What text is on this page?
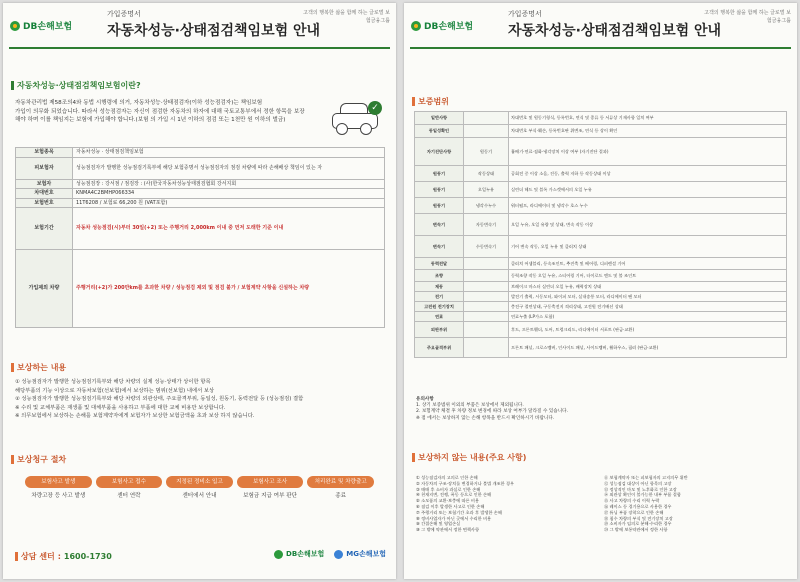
DB손해보험
가입증명서
자동차성능·상태점검책임보험 안내
고객의 행복한 삶을 함께 하는 글로벌 보험금융그룹
자동차성능·상태점검책임보험이란?
자동차관리법 제58조의4와 동법 시행령에 의거, 자동차성능·상태점검자(이하 성능점검자)는 책임보험
가입이 의무화 되었습니다. 따라서 성능점검자는 자신이 점검한 자동차의 하자에 대해 국토교통부에서 정한 항목을 보장
해야 하며 이를 책임지는 보험에 가입해야 합니다.(보험 의 가입 시 1년 이하의 점검 또는 1천만 원 이하의 벌금)
✓
보험종목	자동차성능 · 상태점검책임보험
피보험자	성능점검자가 발행한 성능점검기록부에 해당 보험증명서 성능점검자의 점검 차량에 따라 손해배상 책임이 있는 자
보험자	성능점검장 : 강서점 / 점검장 : (사)한국자동차성능상태점검협회 강서지회
차대번호	KNMA4C2BMHP066334
보험번호	11T6208 / 보험료 66,200 원 (VAT포함)
보험기간	자동차 성능점검(시)부터 30일(+2) 또는 주행거리 2,000km 이내 중 먼저 도래한 기준 이내
가입제외 차량	주행거리(+2)가 200만km를 초과한 차량 / 성능점검 제외 및 점검 불가 / 보험계약 사항을 신설하는 차량
보상하는 내용
① 성능점검자가 발행한 성능점검기록부와 해당 차량의 실제 성능·상태가 상이한 항목
해당부품의 기능 이상으로 자동차보험(선보험)에서 보상하는 범위(선보험) 내에서 보상
② 성능점검자가 발행한 성능점검기록부와 해당 차량의 외관상태, 주요골격부위, 동일성, 원동기, 동력전달 등 (성능점검) 결함
※ 수리 및 교체부품은 재생품 및 대체부품을 사용하고 부품에 대한 교체 비용만 보상합니다.
※ 의무보험에서 보상하는 손해를 보험계약자에게 보험자가 보상한 보험금액을 초과 보상 하지 않습니다.
보상청구 절차
보험사고 발생
차량고장 등 사고 발생
보험사고 접수
센터 연락
지정된 정비소 입고
센터에서 안내
보험사고 조사
보험금 지급 여부 판단
처리완료 및 차량출고
종료
상담 센터 : 1600-1730	DB손해보험	MG손해보험
DB손해보험
가입증명서
자동차성능·상태점검책임보험 안내
고객의 행복한 삶을 함께 하는 글로벌 보험금융그룹
보증범위
일반사항		차대번호 및 원동기형식, 등록번호, 연식 및 종류 등 서류상 기재사항 일치 여부
동일성확인		차대번호 부식·훼손, 등록번호판 위변조, 연식 등 상이 확인
자기진단사항	원동기	흡배기·연료·점화·냉각장치 이상 여부 (자기진단 결과)
원동기	작동상태	공회전 중 이상 소음, 진동, 출력 저하 등 작동상태 이상
원동기	오일누유	실린더 헤드 및 블록 가스켓에서의 오일 누유
원동기	냉각수누수	워터펌프, 라디에이터 및 냉각수 호스 누수
변속기	자동변속기	오일 누유, 오일 유량 및 상태, 변속 작동 이상
변속기	수동변속기	기어 변속 작동, 오일 누유 및 클러치 상태
동력전달		클러치 어셈블리, 등속조인트, 추진축 및 베어링, 디퍼렌셜 기어
조향		동력조향 작동 오일 누유, 스티어링 기어, 타이로드 엔드 및 볼 조인트
제동		브레이크 마스터 실린더 오일 누유, 배력장치 상태
전기		발전기 출력, 시동모터, 와이퍼 모터, 실내송풍 모터, 라디에이터 팬 모터
고전원 전기장치		충전구 절연상태, 구동축전지 격리상태, 고전원 전기배선 상태
연료		연료누출 (LP가스 포함)
외판부위		후드, 프론트휀더, 도어, 트렁크리드, 라디에이터 서포트 (판금·교환)
주요골격부위		프론트 패널, 크로스멤버, 인사이드 패널, 사이드멤버, 휠하우스, 필러 (판금·교환)
유의사항
1. 상기 보증범위 이외의 부품은 보상에서 제외됩니다.
2. 보험계약 체결 후 차량 정보 변경에 따라 보상 여부가 달라질 수 있습니다.
※ 점 에서는 보상하지 않는 손해 항목을 반드시 확인하시기 바랍니다.
보상하지 않는 내용(주요 사항)
① 성능점검자의 고의로 인한 손해
② 자동차의 구조·장치를 변경하거나 불법 개조한 경우
③ 매매 후 소비자 과실로 인한 손해
④ 천재지변, 전쟁, 폭동 등으로 인한 손해
⑤ 소모품의 교환·보충에 따른 비용
⑥ 점검 이후 발생한 사고로 인한 손해
⑦ 주행거리 또는 보험기간 초과 후 발생한 손해
⑧ 정비사업자가 아닌 곳에서 수리한 비용
⑨ 간접손해 및 영업손실
⑩ 그 밖에 약관에서 정한 면책사항
⑪ 보험계약자 또는 피보험자의 고지의무 위반
⑫ 성능점검 대상이 아닌 항목의 고장
⑬ 정상적인 마모 및 노후화로 인한 고장
⑭ 외관상 확인이 불가능한 내부 부품 결함
⑮ 사고 차량의 수리 이력 누락
⑯ 레이스 등 경기용으로 사용한 경우
⑰ 튜닝 부품 장착으로 인한 손해
⑱ 침수 차량의 부식 및 전기장치 고장
⑲ 소비자가 임의로 분해·수리한 경우
⑳ 그 밖에 보통약관에서 정한 사항
